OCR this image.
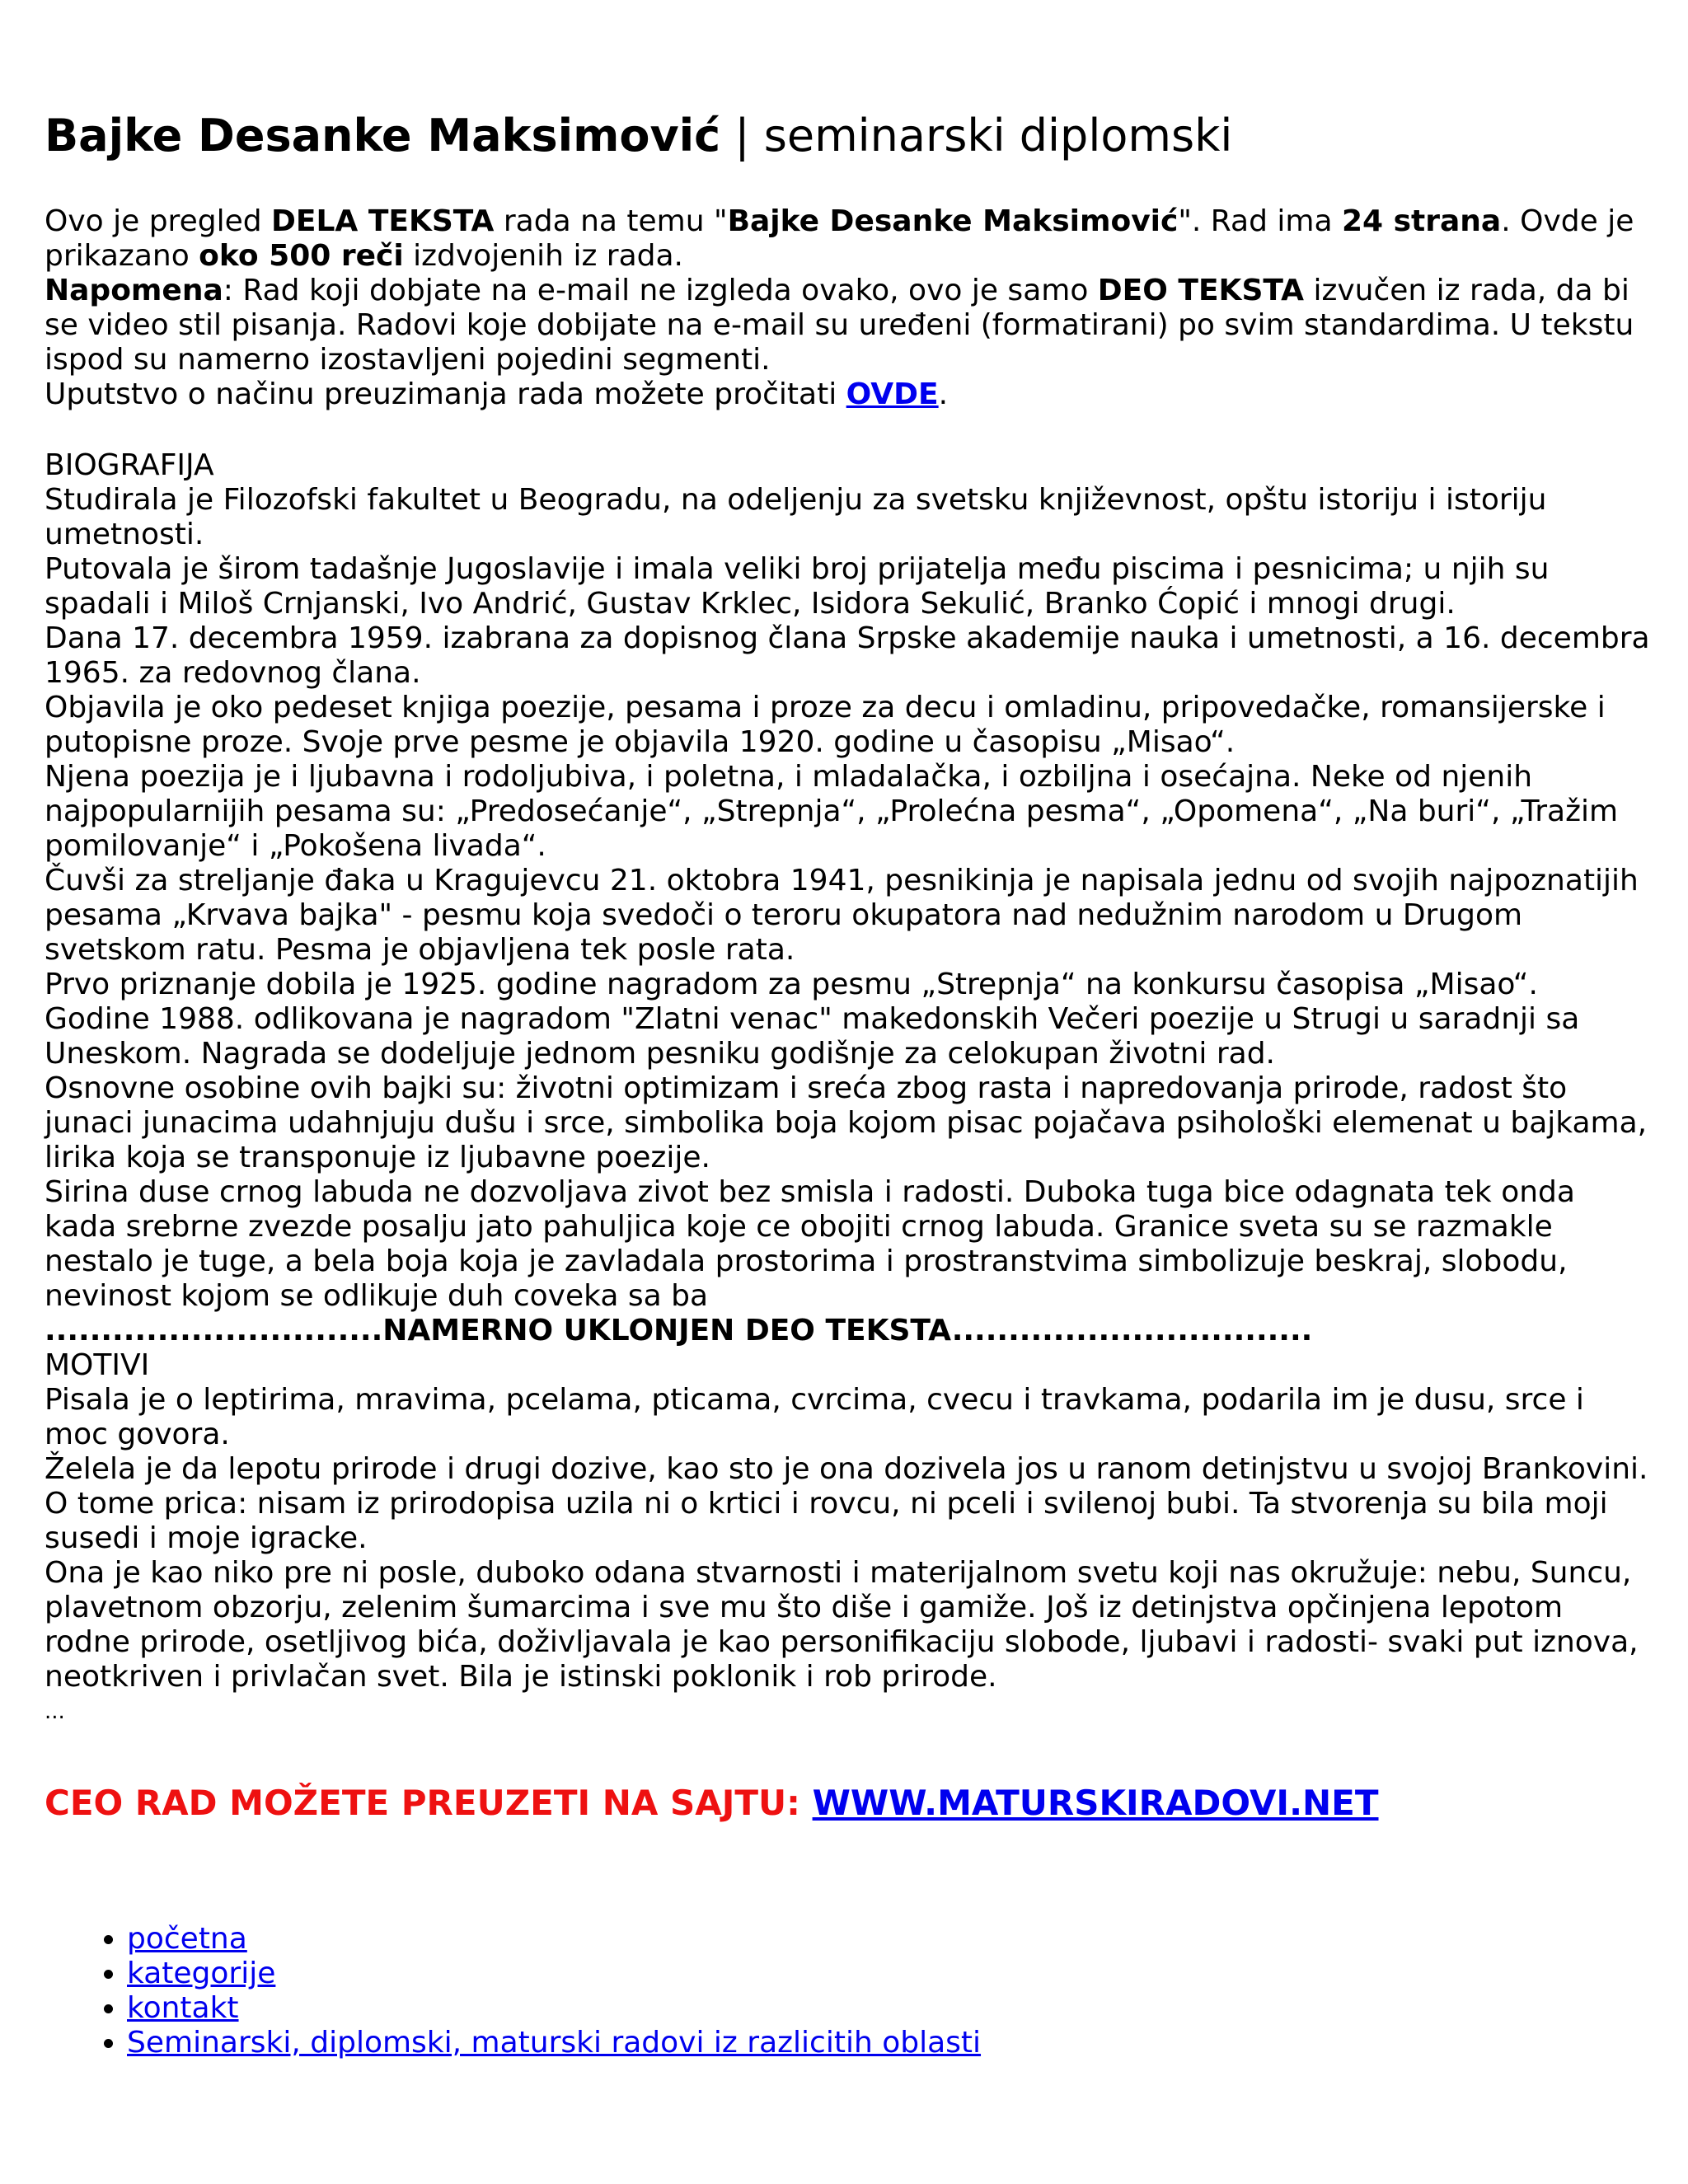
Bajke Desanke Maksimović | seminarski diplomski

Ovo je pregled DELA TEKSTA rada na temu "Bajke Desanke Maksimović". Rad ima 24 strana. Ovde je prikazano oko 500 reči izdvojenih iz rada.

Napomena: Rad koji dobjate na e-mail ne izgleda ovako, ovo je samo DEO TEKSTA izvučen iz rada, da bi se video stil pisanja. Radovi koje dobijate na e-mail su uređeni (formatirani) po svim standardima. U tekstu ispod su namerno izostavljeni pojedini segmenti.

Uputstvo o načinu preuzimanja rada možete pročitati OVDE.

BIOGRAFIJA

Studirala je Filozofski fakultet u Beogradu, na odeljenju za svetsku književnost, opštu istoriju i istoriju umetnosti.

Putovala je širom tadašnje Jugoslavije i imala veliki broj prijatelja među piscima i pesnicima; u njih su spadali i Miloš Crnjanski, Ivo Andrić, Gustav Krklec, Isidora Sekulić, Branko Ćopić i mnogi drugi.

Dana 17. decembra 1959. izabrana za dopisnog člana Srpske akademije nauka i umetnosti, a 16. decembra 1965. za redovnog člana.

Objavila je oko pedeset knjiga poezije, pesama i proze za decu i omladinu, pripovedačke, romansijerske i putopisne proze. Svoje prve pesme je objavila 1920. godine u časopisu „Misao“.

Njena poezija je i ljubavna i rodoljubiva, i poletna, i mladalačka, i ozbiljna i osećajna. Neke od njenih najpopularnijih pesama su: „Predosećanje“, „Strepnja“, „Prolećna pesma“, „Opomena“, „Na buri“, „Tražim pomilovanje“ i „Pokošena livada“.

Čuvši za streljanje đaka u Kragujevcu 21. oktobra 1941, pesnikinja je napisala jednu od svojih najpoznatijih pesama „Krvava bajka" - pesmu koja svedoči o teroru okupatora nad nedužnim narodom u Drugom svetskom ratu. Pesma je objavljena tek posle rata.

Prvo priznanje dobila je 1925. godine nagradom za pesmu „Strepnja“ na konkursu časopisa „Misao“. Godine 1988. odlikovana je nagradom "Zlatni venac" makedonskih Večeri poezije u Strugi u saradnji sa Uneskom. Nagrada se dodeljuje jednom pesniku godišnje za celokupan životni rad.

Osnovne osobine ovih bajki su: životni optimizam i sreća zbog rasta i napredovanja prirode, radost što junaci junacima udahnjuju dušu i srce, simbolika boja kojom pisac pojačava psihološki elemenat u bajkama, lirika koja se transponuje iz ljubavne poezije.

Sirina duse crnog labuda ne dozvoljava zivot bez smisla i radosti. Duboka tuga bice odagnata tek onda kada srebrne zvezde posalju jato pahuljica koje ce obojiti crnog labuda. Granice sveta su se razmakle nestalo je tuge, a bela boja koja je zavladala prostorima i prostranstvima simbolizuje beskraj, slobodu, nevinost kojom se odlikuje duh coveka sa ba

..............................NAMERNO UKLONJEN DEO TEKSTA................................

MOTIVI

Pisala je o leptirima, mravima, pcelama, pticama, cvrcima, cvecu i travkama, podarila im je dusu, srce i moc govora.

Želela je da lepotu prirode i drugi dozive, kao sto je ona dozivela jos u ranom detinjstvu u svojoj Brankovini. O tome prica: nisam iz prirodopisa uzila ni o krtici i rovcu, ni pceli i svilenoj bubi. Ta stvorenja su bila moji susedi i moje igracke.

Ona je kao niko pre ni posle, duboko odana stvarnosti i materijalnom svetu koji nas okružuje: nebu, Suncu, plavetnom obzorju, zelenim šumarcima i sve mu što diše i gamiže. Još iz detinjstva opčinjena lepotom rodne prirode, osetljivog bića, doživljavala je kao personifikaciju slobode, ljubavi i radosti- svaki put iznova, neotkriven i privlačan svet. Bila je istinski poklonik i rob prirode.

...

CEO RAD MOŽETE PREUZETI NA SAJTU: WWW.MATURSKIRADOVI.NET
• početna
• kategorije
• kontakt
• Seminarski, diplomski, maturski radovi iz razlicitih oblasti
